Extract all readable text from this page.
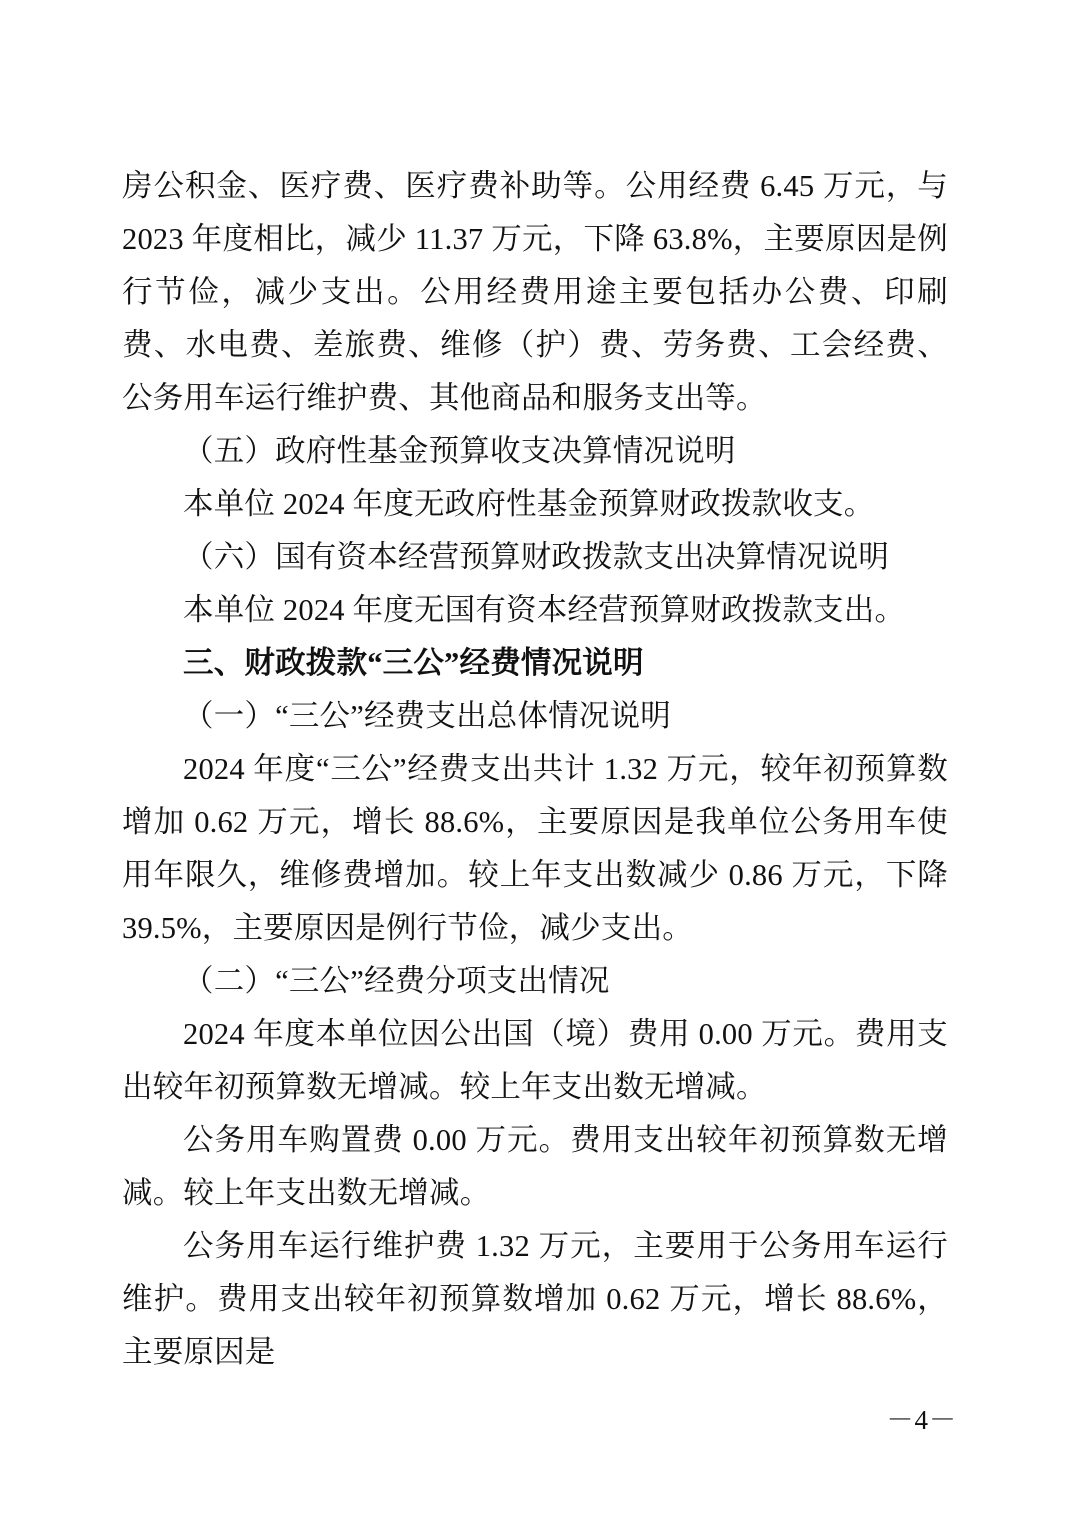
房公积金、医疗费、医疗费补助等。公用经费 6.45 万元，与 2023 年度相比，减少 11.37 万元，下降 63.8%，主要原因是例行节俭，减少支出。公用经费用途主要包括办公费、印刷费、水电费、差旅费、维修（护）费、劳务费、工会经费、公务用车运行维护费、其他商品和服务支出等。

（五）政府性基金预算收支决算情况说明

本单位 2024 年度无政府性基金预算财政拨款收支。

（六）国有资本经营预算财政拨款支出决算情况说明

本单位 2024 年度无国有资本经营预算财政拨款支出。

三、财政拨款“三公”经费情况说明

（一）“三公”经费支出总体情况说明

2024 年度“三公”经费支出共计 1.32 万元，较年初预算数增加 0.62 万元，增长 88.6%，主要原因是我单位公务用车使用年限久，维修费增加。较上年支出数减少 0.86 万元，下降 39.5%，主要原因是例行节俭，减少支出。

（二）“三公”经费分项支出情况

2024 年度本单位因公出国（境）费用 0.00 万元。费用支出较年初预算数无增减。较上年支出数无增减。

公务用车购置费 0.00 万元。费用支出较年初预算数无增减。较上年支出数无增减。

公务用车运行维护费 1.32 万元，主要用于公务用车运行维护。费用支出较年初预算数增加 0.62 万元，增长 88.6%，主要原因是

－4－
